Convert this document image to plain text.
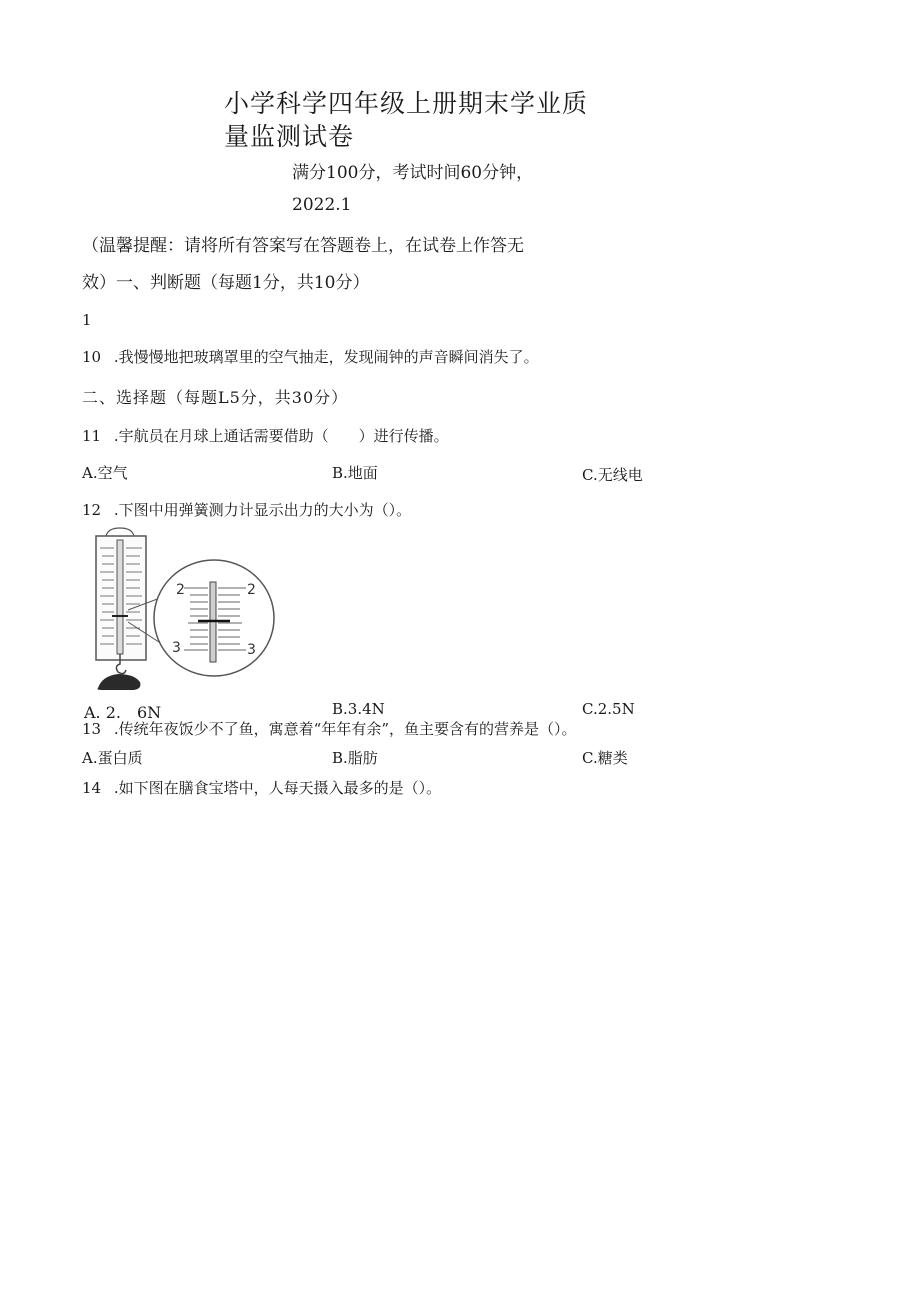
小学科学四年级上册期末学业质
量监测试卷
满分100分，考试时间60分钟，
2022.1
（温馨提醒：请将所有答案写在答题卷上，在试卷上作答无
效）一、判断题（每题1分，共10分）
1
10 .我慢慢地把玻璃罩里的空气抽走，发现闹钟的声音瞬间消失了。
二、选择题（每题L5分，共30分）
11 .宇航员在月球上通话需要借助（　　）进行传播。
A.空气	B.地面	C.无线电
12 .下图中用弹簧测力计显示出力的大小为（）。
2	2
3	3
A. 2.　6N	B.3.4N	C.2.5N
13 .传统年夜饭少不了鱼，寓意着“年年有余”，鱼主要含有的营养是（）。
A.蛋白质	B.脂肪	C.糖类
14 .如下图在膳食宝塔中，人每天摄入最多的是（）。
